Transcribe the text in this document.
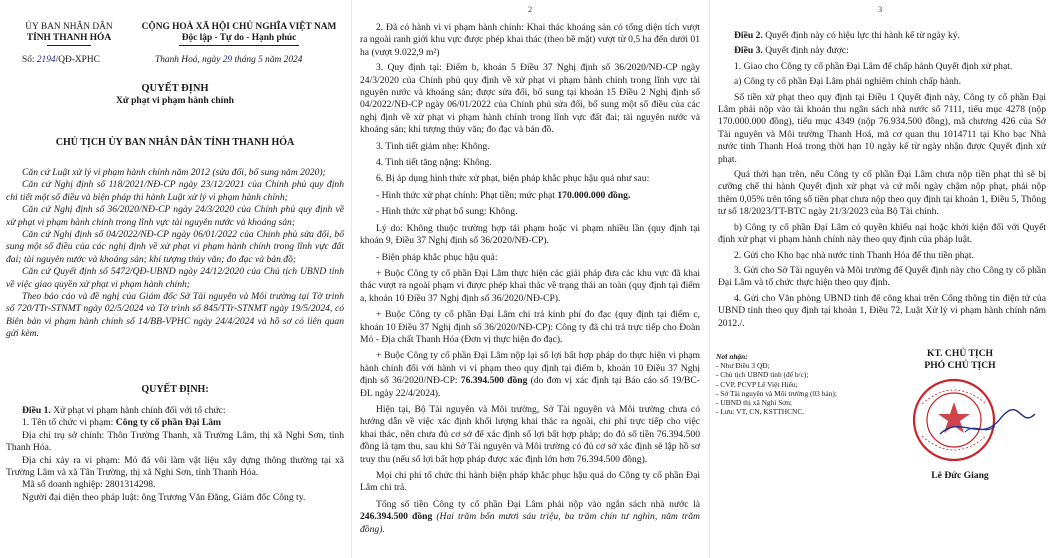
ỦY BAN NHÂN DÂN
TỈNH THANH HÓA
CỘNG HOÀ XÃ HỘI CHỦ NGHĨA VIỆT NAM
Độc lập - Tự do - Hạnh phúc
Số: 2194/QĐ-XPHC	Thanh Hoá, ngày 29 tháng 5 năm 2024
QUYẾT ĐỊNH
Xử phạt vi phạm hành chính
CHỦ TỊCH ỦY BAN NHÂN DÂN TỈNH THANH HÓA

Căn cứ Luật xử lý vi phạm hành chính năm 2012 (sửa đổi, bổ sung năm 2020);

Căn cứ Nghị định số 118/2021/NĐ-CP ngày 23/12/2021 của Chính phủ quy định chi tiết một số điều và biện pháp thi hành Luật xử lý vi phạm hành chính;

Căn cứ Nghị định số 36/2020/NĐ-CP ngày 24/3/2020 của Chính phủ quy định về xử phạt vi phạm hành chính trong lĩnh vực tài nguyên nước và khoáng sản;

Căn cứ Nghị định số 04/2022/NĐ-CP ngày 06/01/2022 của Chính phủ sửa đổi, bổ sung một số điều của các nghị định về xử phạt vi phạm hành chính trong lĩnh vực đất đai; tài nguyên nước và khoáng sản; khí tượng thủy văn; đo đạc và bản đồ;

Căn cứ Quyết định số 5472/QĐ-UBND ngày 24/12/2020 của Chủ tịch UBND tỉnh về việc giao quyền xử phạt vi phạm hành chính;

Theo báo cáo và đề nghị của Giám đốc Sở Tài nguyên và Môi trường tại Tờ trình số 720/TTr-STNMT ngày 02/5/2024 và Tờ trình số 845/TTr-STNMT ngày 19/5/2024, có Biên bản vi phạm hành chính số 14/BB-VPHC ngày 24/4/2024 và hồ sơ có liên quan gửi kèm.

QUYẾT ĐỊNH:

Điều 1. Xử phạt vi phạm hành chính đối với tổ chức:

1. Tên tổ chức vi phạm: Công ty cổ phần Đại Lâm

Địa chỉ trụ sở chính: Thôn Trường Thanh, xã Trường Lâm, thị xã Nghi Sơn, tỉnh Thanh Hóa.

Địa chỉ xảy ra vi phạm: Mỏ đá vôi làm vật liệu xây dựng thông thường tại xã Trường Lâm và xã Tân Trường, thị xã Nghi Sơn, tỉnh Thanh Hóa.

Mã số doanh nghiệp: 2801314298.

Người đại diện theo pháp luật: ông Trương Văn Đăng, Giám đốc Công ty.

2

2. Đã có hành vi vi phạm hành chính: Khai thác khoáng sản có tổng diện tích vượt ra ngoài ranh giới khu vực được phép khai thác (theo bề mặt) vượt từ 0,5 ha đến dưới 01 ha (vượt 9.022,9 m²)

3. Quy định tại: Điểm b, khoản 5 Điều 37 Nghị định số 36/2020/NĐ-CP ngày 24/3/2020 của Chính phủ quy định về xử phạt vi phạm hành chính trong lĩnh vực tài nguyên nước và khoáng sản; được sửa đổi, bổ sung tại khoản 15 Điều 2 Nghị định số 04/2022/NĐ-CP ngày 06/01/2022 của Chính phủ sửa đổi, bổ sung một số điều của các nghị định về xử phạt vi phạm hành chính trong lĩnh vực đất đai; tài nguyên nước và khoáng sản; khí tượng thủy văn; đo đạc và bản đồ.

3. Tình tiết giảm nhẹ: Không.

4. Tình tiết tăng nặng: Không.

6. Bị áp dụng hình thức xử phạt, biện pháp khắc phục hậu quả như sau:

- Hình thức xử phạt chính: Phạt tiền; mức phạt 170.000.000 đồng.

- Hình thức xử phạt bổ sung: Không.

Lý do: Không thuộc trường hợp tái phạm hoặc vi phạm nhiều lần (quy định tại khoản 9, Điều 37 Nghị định số 36/2020/NĐ-CP).

- Biện pháp khắc phục hậu quả:

+ Buộc Công ty cổ phần Đại Lâm thực hiện các giải pháp đưa các khu vực đã khai thác vượt ra ngoài phạm vi được phép khai thác về trạng thái an toàn (quy định tại điểm a, khoản 10 Điều 37 Nghị định số 36/2020/NĐ-CP).

+ Buộc Công ty cổ phần Đại Lâm chi trả kinh phí đo đạc (quy định tại điểm c, khoản 10 Điều 37 Nghị định số 36/2020/NĐ-CP): Công ty đã chi trả trực tiếp cho Đoàn Mỏ - Địa chất Thanh Hóa (Đơn vị thực hiện đo đạc).

+ Buộc Công ty cổ phần Đại Lâm nộp lại số lợi bất hợp pháp do thực hiện vi phạm hành chính đối với hành vi vi phạm theo quy định tại điểm b, khoản 10 Điều 37 Nghị định số 36/2020/NĐ-CP: 76.394.500 đồng (do đơn vị xác định tại Báo cáo số 19/BC-ĐL ngày 22/4/2024).

Hiện tại, Bộ Tài nguyên và Môi trường, Sở Tài nguyên và Môi trường chưa có hướng dẫn về việc xác định khối lượng khai thác ra ngoài, chi phí trực tiếp cho việc khai thác, nên chưa đủ cơ sở để xác định số lợi bất hợp pháp; do đó số tiền 76.394.500 đồng là tạm thu, sau khi Sở Tài nguyên và Môi trường có đủ cơ sở xác định sẽ lập hồ sơ truy thu (nếu số lợi bất hợp pháp được xác định lớn hơn 76.394.500 đồng).

Mọi chi phí tổ chức thi hành biện pháp khắc phục hậu quả do Công ty cổ phần Đại Lâm chi trả.

Tổng số tiền Công ty cổ phần Đại Lâm phải nộp vào ngân sách nhà nước là 246.394.500 đồng (Hai trăm bốn mươi sáu triệu, ba trăm chín tư nghìn, năm trăm đồng).

3

Điều 2. Quyết định này có hiệu lực thi hành kể từ ngày ký.

Điều 3. Quyết định này được:

1. Giao cho Công ty cổ phần Đại Lâm để chấp hành Quyết định xử phạt.

a) Công ty cổ phần Đại Lâm phải nghiêm chỉnh chấp hành.

Số tiền xử phạt theo quy định tại Điều 1 Quyết định này, Công ty cổ phần Đại Lâm phải nộp vào tài khoản thu ngân sách nhà nước số 7111, tiểu mục 4278 (nộp 170.000.000 đồng), tiểu mục 4349 (nộp 76.934.500 đồng), mã chương 426 của Sở Tài nguyên và Môi trường Thanh Hoá, mã cơ quan thu 1014711 tại Kho bạc Nhà nước tỉnh Thanh Hoá trong thời hạn 10 ngày kể từ ngày nhận được Quyết định xử phạt.

Quá thời hạn trên, nếu Công ty cổ phần Đại Lâm chưa nộp tiền phạt thì sẽ bị cưỡng chế thi hành Quyết định xử phạt và cứ mỗi ngày chậm nộp phạt, phải nộp thêm 0,05% trên tổng số tiền phạt chưa nộp theo quy định tại khoản 1, Điều 5, Thông tư số 18/2023/TT-BTC ngày 21/3/2023 của Bộ Tài chính.

b) Công ty cổ phần Đại Lâm có quyền khiếu nại hoặc khởi kiện đối với Quyết định xử phạt vi phạm hành chính này theo quy định của pháp luật.

2. Gửi cho Kho bạc nhà nước tỉnh Thanh Hóa để thu tiền phạt.

3. Gửi cho Sở Tài nguyên và Môi trường để Quyết định này cho Công ty cổ phần Đại Lâm và tổ chức thực hiện theo quy định.

4. Gửi cho Văn phòng UBND tỉnh để công khai trên Cổng thông tin điện tử của UBND tỉnh theo quy định tại khoản 1, Điều 72, Luật Xử lý vi phạm hành chính năm 2012./.

Nơi nhận:
- Như Điều 3 QĐ;
- Chủ tịch UBND tỉnh (để b/c);
- CVP, PCVP Lê Việt Hiếu;
- Sở Tài nguyên và Môi trường (03 bản);
- UBND thị xã Nghi Sơn;
- Lưu: VT, CN, KSTTHCNC.
KT. CHỦ TỊCH
PHÓ CHỦ TỊCH
Lê Đức Giang
